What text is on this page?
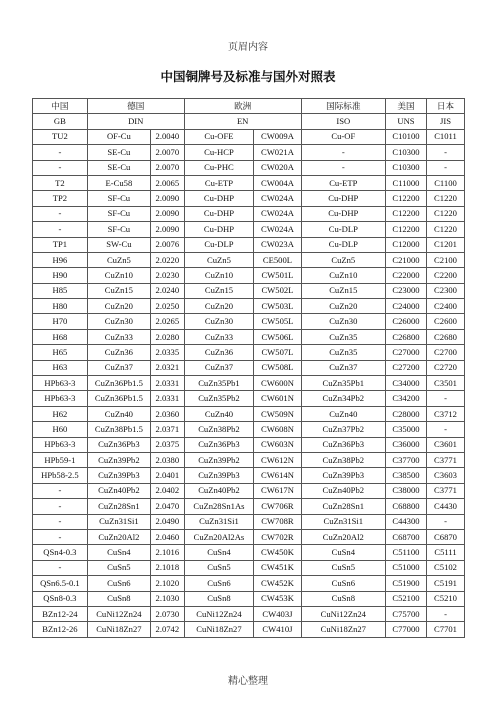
页眉内容
中国铜牌号及标准与国外对照表
中国	德国		欧洲		国际标准	美国	日本
GB	DIN		EN		ISO	UNS	JIS
TU2	OF-Cu	2.0040	Cu-OFE	CW009A	Cu-OF	C10100	C1011
-	SE-Cu	2.0070	Cu-HCP	CW021A	-	C10300	-
-	SE-Cu	2.0070	Cu-PHC	CW020A	-	C10300	-
T2	E-Cu58	2.0065	Cu-ETP	CW004A	Cu-ETP	C11000	C1100
TP2	SF-Cu	2.0090	Cu-DHP	CW024A	Cu-DHP	C12200	C1220
-	SF-Cu	2.0090	Cu-DHP	CW024A	Cu-DHP	C12200	C1220
-	SF-Cu	2.0090	Cu-DHP	CW024A	Cu-DLP	C12200	C1220
TP1	SW-Cu	2.0076	Cu-DLP	CW023A	Cu-DLP	C12000	C1201
H96	CuZn5	2.0220	CuZn5	CE500L	CuZn5	C21000	C2100
H90	CuZn10	2.0230	CuZn10	CW501L	CuZn10	C22000	C2200
H85	CuZn15	2.0240	CuZn15	CW502L	CuZn15	C23000	C2300
H80	CuZn20	2.0250	CuZn20	CW503L	CuZn20	C24000	C2400
H70	CuZn30	2.0265	CuZn30	CW505L	CuZn30	C26000	C2600
H68	CuZn33	2.0280	CuZn33	CW506L	CuZn35	C26800	C2680
H65	CuZn36	2.0335	CuZn36	CW507L	CuZn35	C27000	C2700
H63	CuZn37	2.0321	CuZn37	CW508L	CuZn37	C27200	C2720
HPb63-3	CuZn36Pb1.5	2.0331	CuZn35Pb1	CW600N	CuZn35Pb1	C34000	C3501
HPb63-3	CuZn36Pb1.5	2.0331	CuZn35Pb2	CW601N	CuZn34Pb2	C34200	-
H62	CuZn40	2.0360	CuZn40	CW509N	CuZn40	C28000	C3712
H60	CuZn38Pb1.5	2.0371	CuZn38Pb2	CW608N	CuZn37Pb2	C35000	-
HPb63-3	CuZn36Pb3	2.0375	CuZn36Pb3	CW603N	CuZn36Pb3	C36000	C3601
HPb59-1	CuZn39Pb2	2.0380	CuZn39Pb2	CW612N	CuZn38Pb2	C37700	C3771
HPb58-2.5	CuZn39Pb3	2.0401	CuZn39Pb3	CW614N	CuZn39Pb3	C38500	C3603
-	CuZn40Pb2	2.0402	CuZn40Pb2	CW617N	CuZn40Pb2	C38000	C3771
-	CuZn28Sn1	2.0470	CuZn28Sn1As	CW706R	CuZn28Sn1	C68800	C4430
-	CuZn31Si1	2.0490	CuZn31Si1	CW708R	CuZn31Si1	C44300	-
-	CuZn20Al2	2.0460	CuZn20Al2As	CW702R	CuZn20Al2	C68700	C6870
QSn4-0.3	CuSn4	2.1016	CuSn4	CW450K	CuSn4	C51100	C5111
-	CuSn5	2.1018	CuSn5	CW451K	CuSn5	C51000	C5102
QSn6.5-0.1	CuSn6	2.1020	CuSn6	CW452K	CuSn6	C51900	C5191
QSn8-0.3	CuSn8	2.1030	CuSn8	CW453K	CuSn8	C52100	C5210
BZn12-24	CuNi12Zn24	2.0730	CuNi12Zn24	CW403J	CuNi12Zn24	C75700	-
BZn12-26	CuNi18Zn27	2.0742	CuNi18Zn27	CW410J	CuNi18Zn27	C77000	C7701
精心整理
